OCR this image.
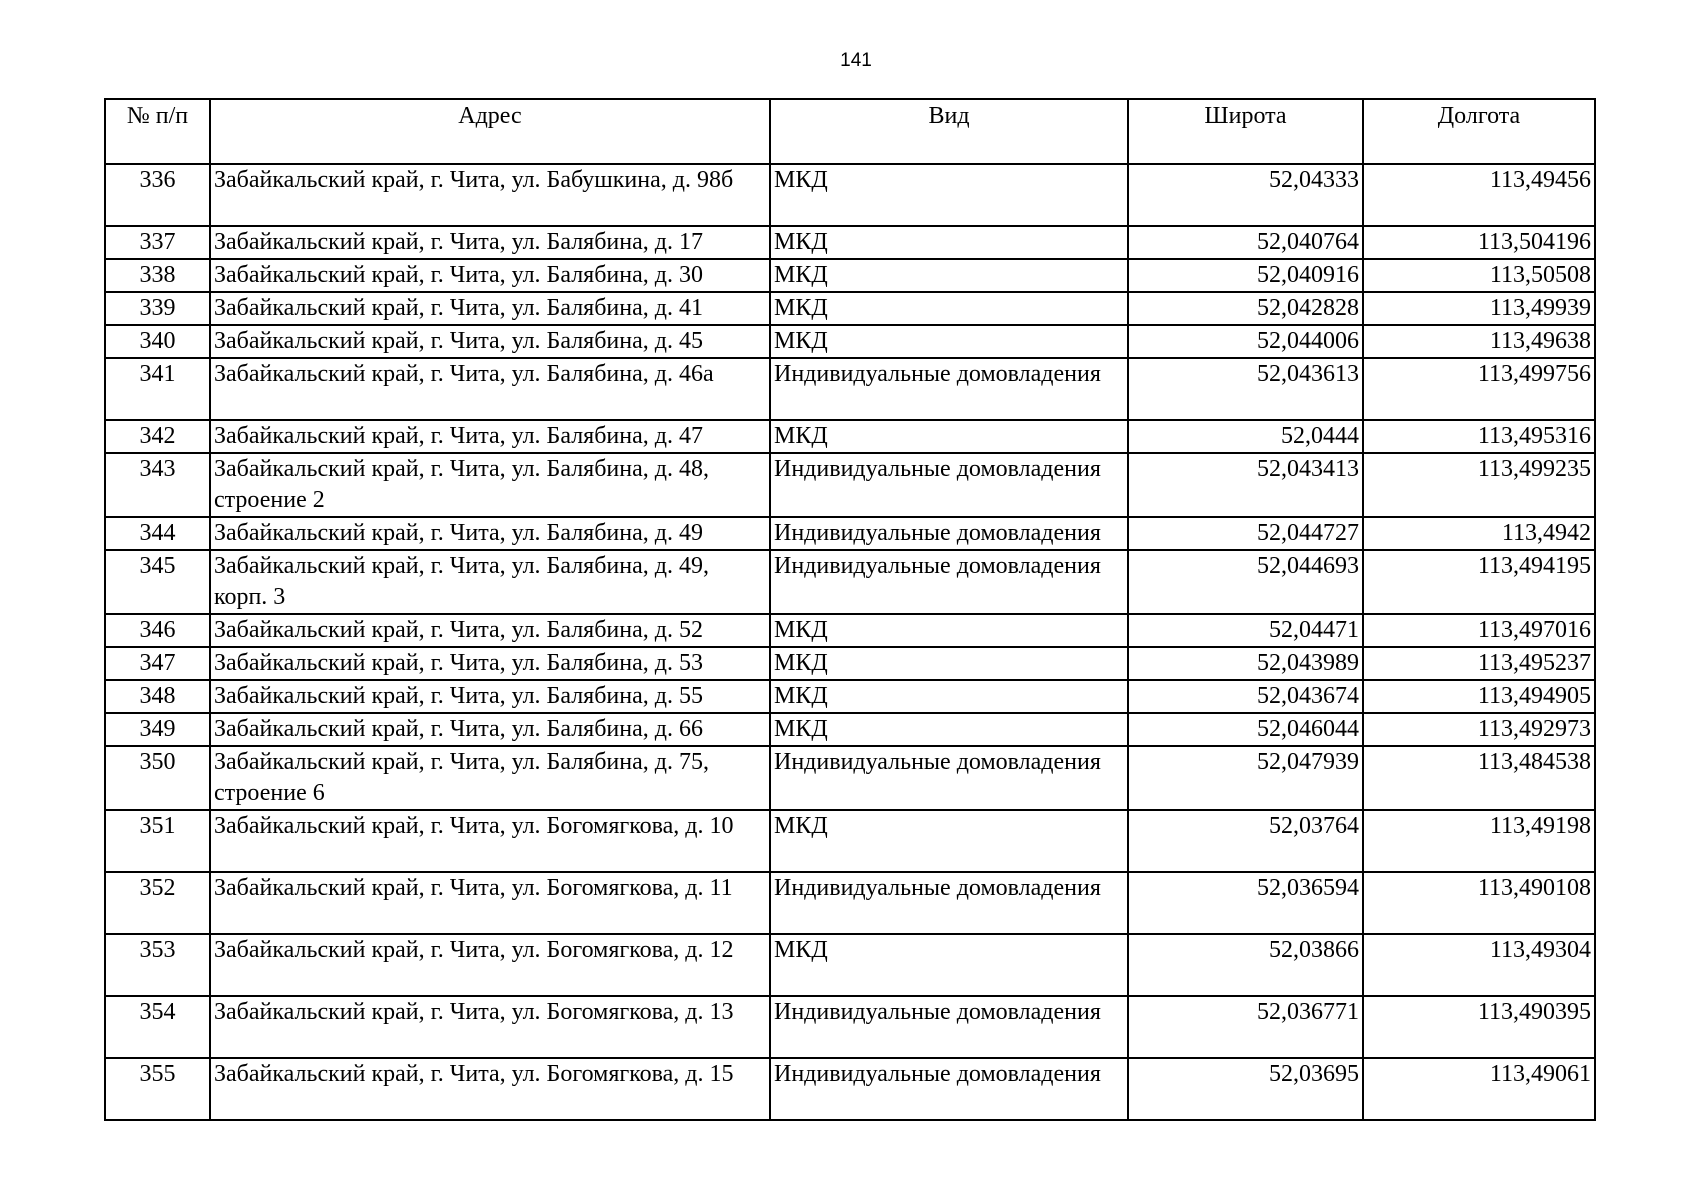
141
№ п/п	Адрес	Вид	Широта	Долгота
336	Забайкальский край, г. Чита, ул. Бабушкина, д. 98б	МКД	52,04333	113,49456
337	Забайкальский край, г. Чита, ул. Балябина, д. 17	МКД	52,040764	113,504196
338	Забайкальский край, г. Чита, ул. Балябина, д. 30	МКД	52,040916	113,50508
339	Забайкальский край, г. Чита, ул. Балябина, д. 41	МКД	52,042828	113,49939
340	Забайкальский край, г. Чита, ул. Балябина, д. 45	МКД	52,044006	113,49638
341	Забайкальский край, г. Чита, ул. Балябина, д. 46а	Индивидуальные домовладения	52,043613	113,499756
342	Забайкальский край, г. Чита, ул. Балябина, д. 47	МКД	52,0444	113,495316
343	Забайкальский край, г. Чита, ул. Балябина, д. 48, строение 2	Индивидуальные домовладения	52,043413	113,499235
344	Забайкальский край, г. Чита, ул. Балябина, д. 49	Индивидуальные домовладения	52,044727	113,4942
345	Забайкальский край, г. Чита, ул. Балябина, д. 49, корп. 3	Индивидуальные домовладения	52,044693	113,494195
346	Забайкальский край, г. Чита, ул. Балябина, д. 52	МКД	52,04471	113,497016
347	Забайкальский край, г. Чита, ул. Балябина, д. 53	МКД	52,043989	113,495237
348	Забайкальский край, г. Чита, ул. Балябина, д. 55	МКД	52,043674	113,494905
349	Забайкальский край, г. Чита, ул. Балябина, д. 66	МКД	52,046044	113,492973
350	Забайкальский край, г. Чита, ул. Балябина, д. 75, строение 6	Индивидуальные домовладения	52,047939	113,484538
351	Забайкальский край, г. Чита, ул. Богомягкова, д. 10	МКД	52,03764	113,49198
352	Забайкальский край, г. Чита, ул. Богомягкова, д. 11	Индивидуальные домовладения	52,036594	113,490108
353	Забайкальский край, г. Чита, ул. Богомягкова, д. 12	МКД	52,03866	113,49304
354	Забайкальский край, г. Чита, ул. Богомягкова, д. 13	Индивидуальные домовладения	52,036771	113,490395
355	Забайкальский край, г. Чита, ул. Богомягкова, д. 15	Индивидуальные домовладения	52,03695	113,49061
